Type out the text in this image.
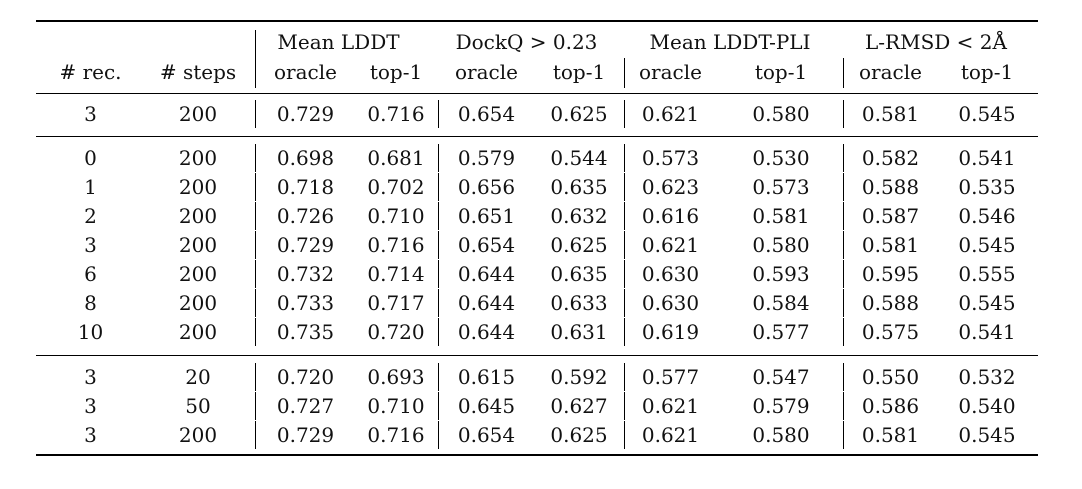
Mean LDDT	DockQ > 0.23	Mean LDDT-PLI	L-RMSD < 2Å
# rec.	# steps	oracle	top-1	oracle	top-1	oracle	top-1	oracle	top-1
3	200	0.729	0.716	0.654	0.625	0.621	0.580	0.581	0.545
0	200	0.698	0.681	0.579	0.544	0.573	0.530	0.582	0.541
1	200	0.718	0.702	0.656	0.635	0.623	0.573	0.588	0.535
2	200	0.726	0.710	0.651	0.632	0.616	0.581	0.587	0.546
3	200	0.729	0.716	0.654	0.625	0.621	0.580	0.581	0.545
6	200	0.732	0.714	0.644	0.635	0.630	0.593	0.595	0.555
8	200	0.733	0.717	0.644	0.633	0.630	0.584	0.588	0.545
10	200	0.735	0.720	0.644	0.631	0.619	0.577	0.575	0.541
3	20	0.720	0.693	0.615	0.592	0.577	0.547	0.550	0.532
3	50	0.727	0.710	0.645	0.627	0.621	0.579	0.586	0.540
3	200	0.729	0.716	0.654	0.625	0.621	0.580	0.581	0.545
